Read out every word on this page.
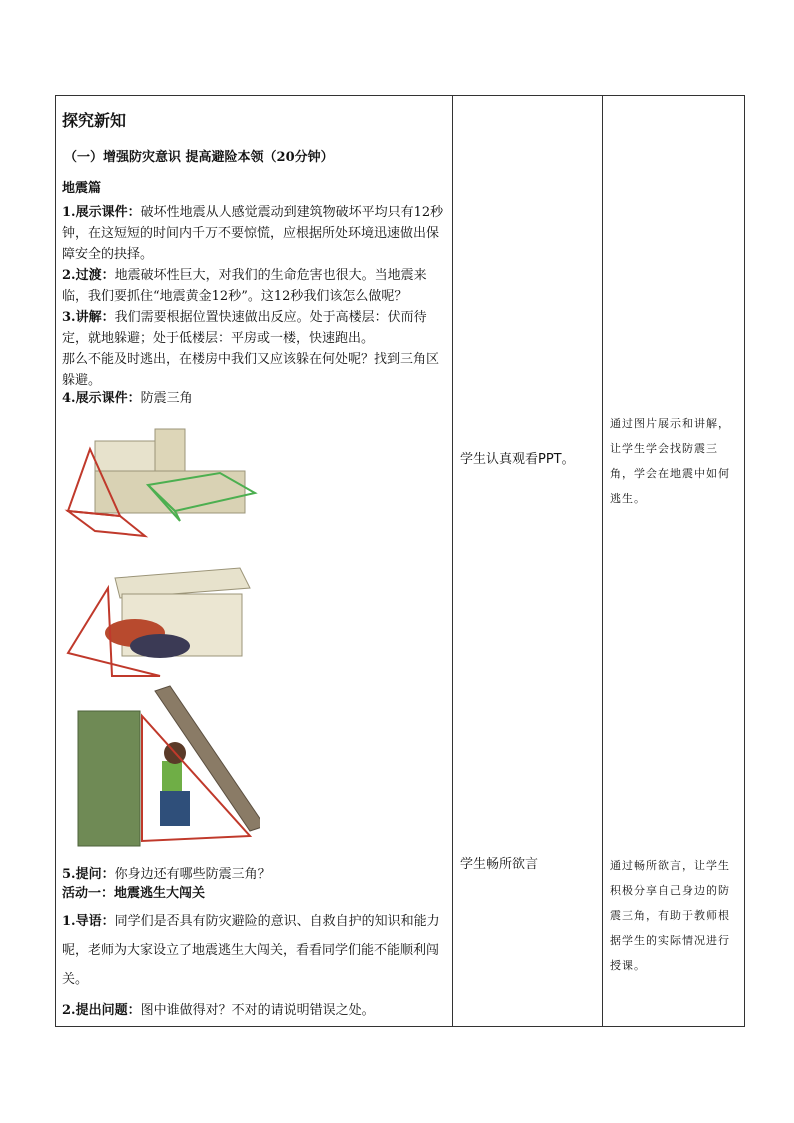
探究新知
（一）增强防灾意识 提高避险本领（20分钟）
地震篇
1.展示课件：破坏性地震从人感觉震动到建筑物破坏平均只有12秒钟，在这短短的时间内千万不要惊慌，应根据所处环境迅速做出保障安全的抉择。
2.过渡：地震破坏性巨大，对我们的生命危害也很大。当地震来临，我们要抓住“地震黄金12秒”。这12秒我们该怎么做呢？
3.讲解：我们需要根据位置快速做出反应。处于高楼层：伏而待定，就地躲避；处于低楼层：平房或一楼，快速跑出。
那么不能及时逃出，在楼房中我们又应该躲在何处呢？找到三角区躲避。
4.展示课件：防震三角
5.提问：你身边还有哪些防震三角？
活动一：地震逃生大闯关
1.导语：同学们是否具有防灾避险的意识、自救自护的知识和能力呢，老师为大家设立了地震逃生大闯关，看看同学们能不能顺利闯关。
2.提出问题：图中谁做得对？不对的请说明错误之处。
学生认真观看PPT。
学生畅所欲言
通过图片展示和讲解，让学生学会找防震三角，学会在地震中如何逃生。
通过畅所欲言，让学生积极分享自己身边的防震三角，有助于教师根据学生的实际情况进行授课。
